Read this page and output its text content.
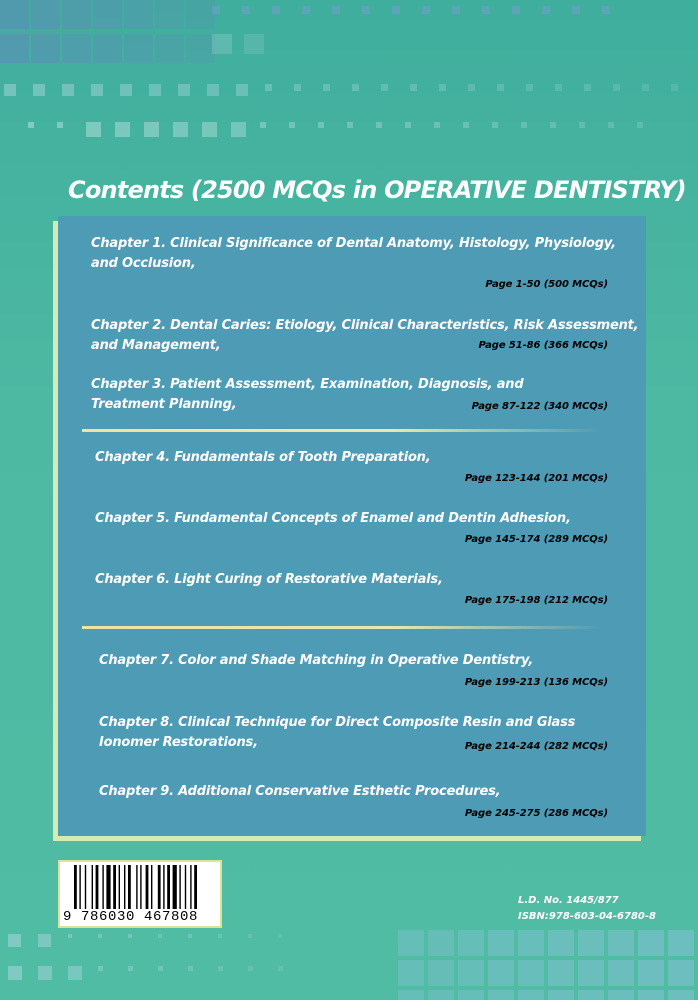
Contents (2500 MCQs in OPERATIVE DENTISTRY)
Chapter 1. Clinical Significance of Dental Anatomy, Histology, Physiology,
and Occlusion,
Page 1-50 (500 MCQs)
Chapter 2. Dental Caries: Etiology, Clinical Characteristics, Risk Assessment,
and Management,	Page 51-86 (366 MCQs)
Chapter 3. Patient Assessment, Examination, Diagnosis, and
Treatment Planning,	Page 87-122 (340 MCQs)
Chapter 4. Fundamentals of Tooth Preparation,
Page 123-144 (201 MCQs)
Chapter 5. Fundamental Concepts of Enamel and Dentin Adhesion,
Page 145-174 (289 MCQs)
Chapter 6. Light Curing of Restorative Materials,
Page 175-198 (212 MCQs)
Chapter 7. Color and Shade Matching in Operative Dentistry,
Page 199-213 (136 MCQs)
Chapter 8. Clinical Technique for Direct Composite Resin and Glass
Ionomer Restorations,	Page 214-244 (282 MCQs)
Chapter 9. Additional Conservative Esthetic Procedures,
Page 245-275 (286 MCQs)
9 786030 467808
L.D. No. 1445/877
ISBN:978-603-04-6780-8
